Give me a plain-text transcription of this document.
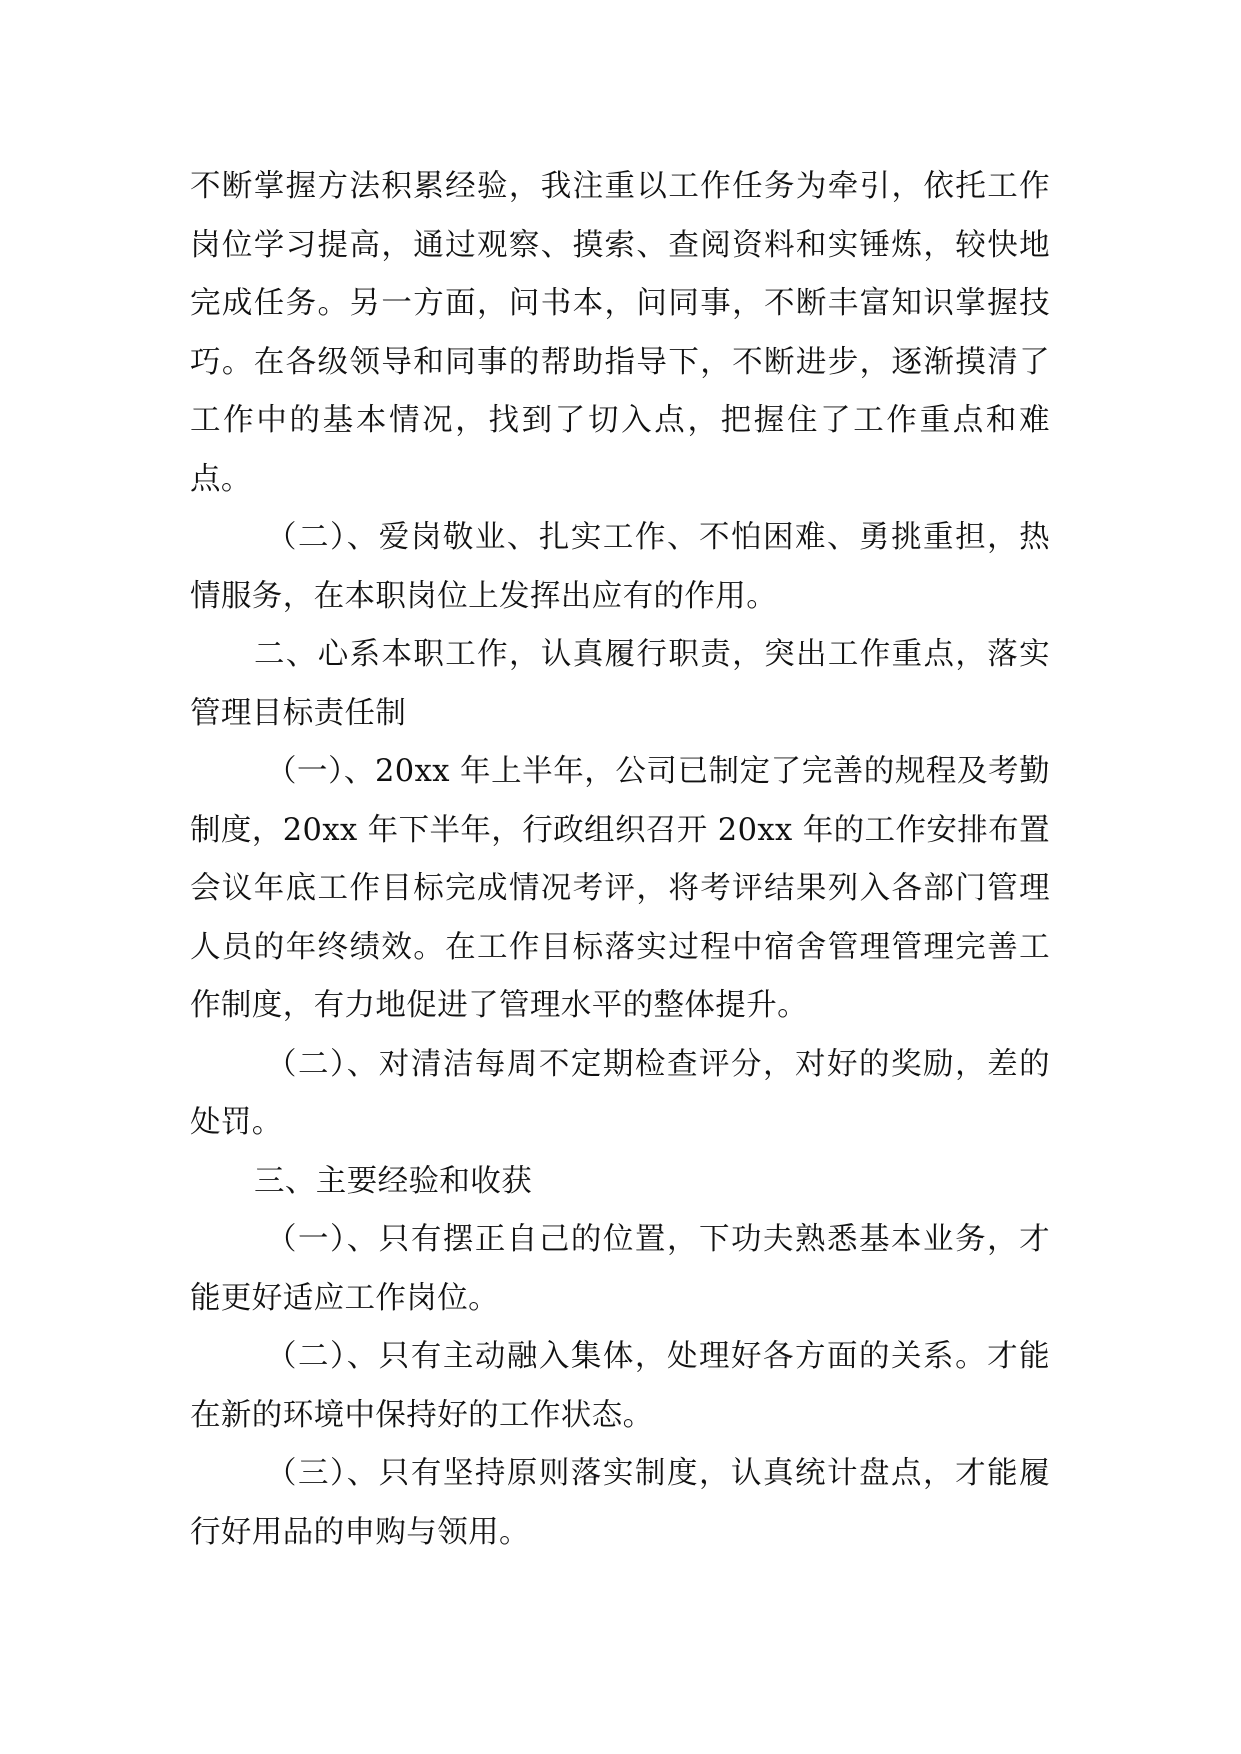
不断掌握方法积累经验，我注重以工作任务为牵引，依托工作岗位学习提高，通过观察、摸索、查阅资料和实锤炼，较快地完成任务。另一方面，问书本，问同事，不断丰富知识掌握技巧。在各级领导和同事的帮助指导下，不断进步，逐渐摸清了工作中的基本情况，找到了切入点，把握住了工作重点和难点。

（二）、爱岗敬业、扎实工作、不怕困难、勇挑重担，热情服务，在本职岗位上发挥出应有的作用。

二、心系本职工作，认真履行职责，突出工作重点，落实管理目标责任制

（一）、20xx 年上半年，公司已制定了完善的规程及考勤制度，20xx 年下半年，行政组织召开 20xx 年的工作安排布置会议年底工作目标完成情况考评，将考评结果列入各部门管理人员的年终绩效。在工作目标落实过程中宿舍管理管理完善工作制度，有力地促进了管理水平的整体提升。

（二）、对清洁每周不定期检查评分，对好的奖励，差的处罚。

三、主要经验和收获

（一）、只有摆正自己的位置，下功夫熟悉基本业务，才能更好适应工作岗位。

（二）、只有主动融入集体，处理好各方面的关系。才能在新的环境中保持好的工作状态。

（三）、只有坚持原则落实制度，认真统计盘点，才能履行好用品的申购与领用。
